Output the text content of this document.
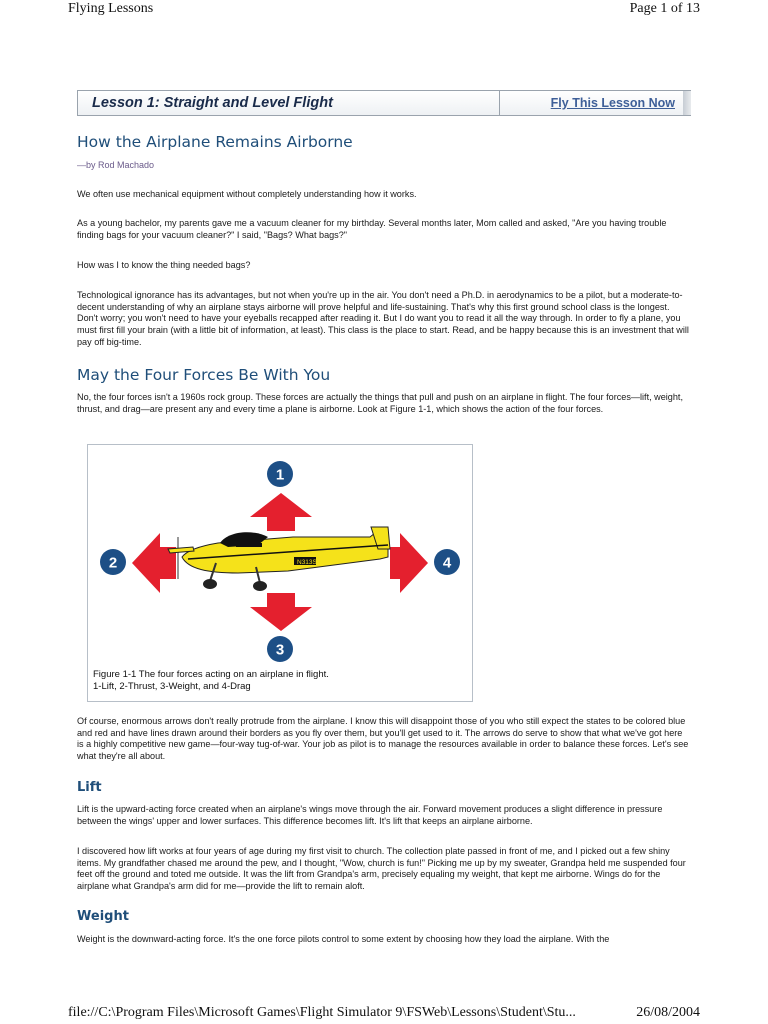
Flying Lessons	Page 1 of 13
Lesson 1: Straight and Level Flight	Fly This Lesson Now
How the Airplane Remains Airborne
—by Rod Machado

We often use mechanical equipment without completely understanding how it works.

As a young bachelor, my parents gave me a vacuum cleaner for my birthday. Several months later, Mom called and asked, "Are you having trouble finding bags for your vacuum cleaner?" I said, "Bags? What bags?"

How was I to know the thing needed bags?

Technological ignorance has its advantages, but not when you're up in the air. You don't need a Ph.D. in aerodynamics to be a pilot, but a moderate-to-decent understanding of why an airplane stays airborne will prove helpful and life-sustaining. That's why this first ground school class is the longest. Don't worry; you won't need to have your eyeballs recapped after reading it. But I do want you to read it all the way through. In order to fly a plane, you must first fill your brain (with a little bit of information, at least). This class is the place to start. Read, and be happy because this is an investment that will pay off big-time.

May the Four Forces Be With You

No, the four forces isn't a 1960s rock group. These forces are actually the things that pull and push on an airplane in flight. The four forces—lift, weight, thrust, and drag—are present any and every time a plane is airborne. Look at Figure 1-1, which shows the action of the four forces.

N313S9
1
2
3
4
Figure 1-1 The four forces acting on an airplane in flight.
1-Lift, 2-Thrust, 3-Weight, and 4-Drag

Of course, enormous arrows don't really protrude from the airplane. I know this will disappoint those of you who still expect the states to be colored blue and red and have lines drawn around their borders as you fly over them, but you'll get used to it. The arrows do serve to show that what we've got here is a highly competitive new game—four-way tug-of-war. Your job as pilot is to manage the resources available in order to balance these forces. Let's see what they're all about.

Lift

Lift is the upward-acting force created when an airplane's wings move through the air. Forward movement produces a slight difference in pressure between the wings' upper and lower surfaces. This difference becomes lift. It's lift that keeps an airplane airborne.

I discovered how lift works at four years of age during my first visit to church. The collection plate passed in front of me, and I picked out a few shiny items. My grandfather chased me around the pew, and I thought, "Wow, church is fun!" Picking me up by my sweater, Grandpa held me suspended four feet off the ground and toted me outside. It was the lift from Grandpa's arm, precisely equaling my weight, that kept me airborne. Wings do for the airplane what Grandpa's arm did for me—provide the lift to remain aloft.

Weight

Weight is the downward-acting force. It's the one force pilots control to some extent by choosing how they load the airplane. With the

file://C:\Program Files\Microsoft Games\Flight Simulator 9\FSWeb\Lessons\Student\Stu...	26/08/2004
